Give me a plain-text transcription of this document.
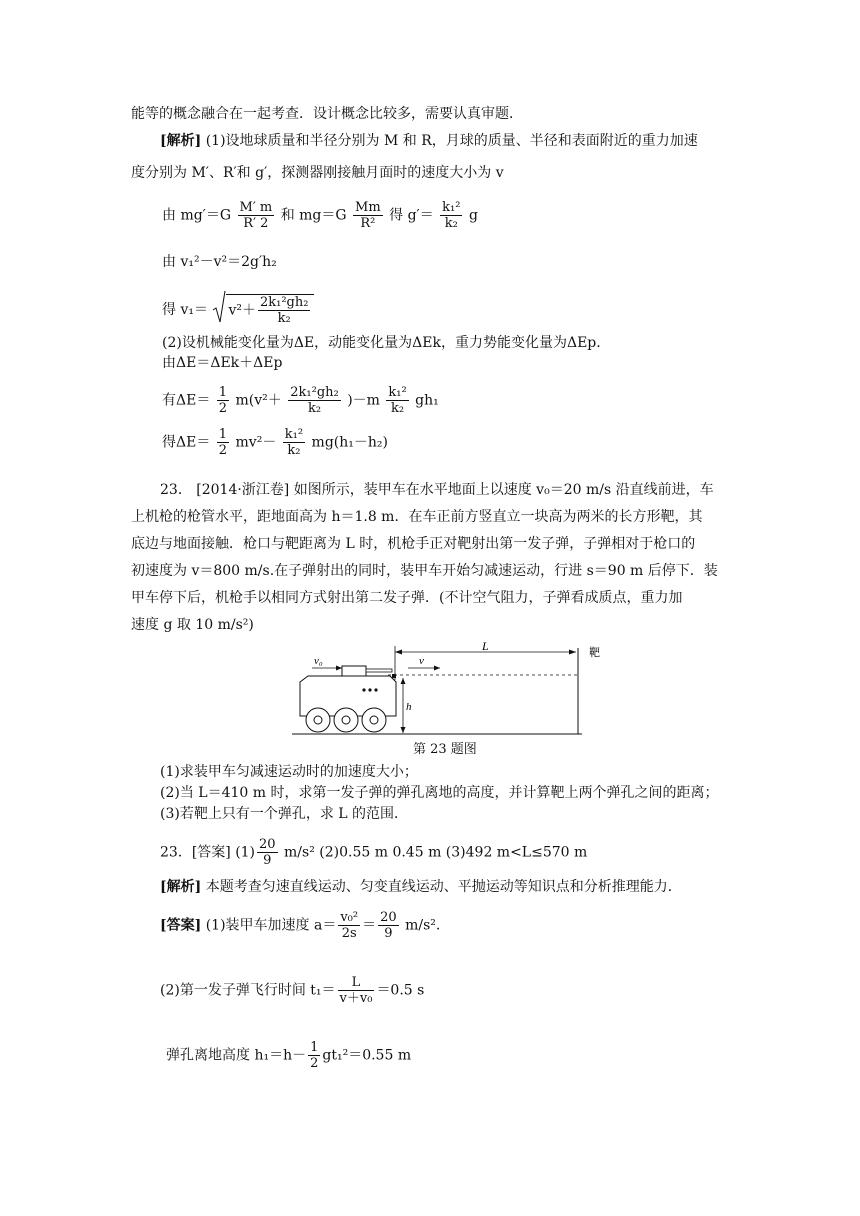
能等的概念融合在一起考查．设计概念比较多，需要认真审题．
[解析] (1)设地球质量和半径分别为 M 和 R，月球的质量、半径和表面附近的重力加速
度分别为 M′、R′和 g′，探测器刚接触月面时的速度大小为 v
由 $mg'=G \frac{M' m}{R' 2}$ 和 $mg=G \frac{Mm}{\text{R²}}$ 得 $g'= \frac{\text{k₁²}}{\text{k₂}}$ g
由 v₁²－v²＝2g′h₂
得 $v_1= v^2+ \frac{\text{2k₁²gh₂}}{\text{k₂}}$
(2)设机械能变化量为ΔE，动能变化量为ΔEk，重力势能变化量为ΔEp.
由ΔE＝ΔEk＋ΔEp
有$\Delta E= \frac{1}{2} m(v^2+ \frac{\text{2k₁²gh₂}}{\text{k₂}} )-m \frac{\text{k₁²}}{\text{k₂}} gh_1$
得$\Delta E= \frac{1}{2} mv^2- \frac{\text{k₁²}}{\text{k₂}} mg(h_1-h_2)$
23． [2014·浙江卷] 如图所示，装甲车在水平地面上以速度 v₀＝20 m/s 沿直线前进，车
上机枪的枪管水平，距地面高为 h＝1.8 m．在车正前方竖直立一块高为两米的长方形靶，其
底边与地面接触．枪口与靶距离为 L 时，机枪手正对靶射出第一发子弹，子弹相对于枪口的
初速度为 v＝800 m/s.在子弹射出的同时，装甲车开始匀减速运动，行进 s＝90 m 后停下．装
甲车停下后，机枪手以相同方式射出第二发子弹．(不计空气阻力，子弹看成质点，重力加
速度 g 取 10 m/s²)
L
v
v₀
h
靶
第 23 题图
(1)求装甲车匀减速运动时的加速度大小；
(2)当 L＝410 m 时，求第一发子弹的弹孔离地的高度，并计算靶上两个弹孔之间的距离；
(3)若靶上只有一个弹孔，求 L 的范围．
23．[答案] $(1) \frac{20}{9} m/s^2$ (2)0.55 m 0.45 m (3)492 m<L≤570 m
[解析] 本题考查匀速直线运动、匀变直线运动、平抛运动等知识点和分析推理能力．
[答案] (1)装甲车加速度 $a= \frac{\text{v₀²}}{2s} = \frac{20}{9} m/s^2$.
(2)第一发子弹飞行时间 $t_1= \frac{L}{\text{v＋v₀}} =0.5$ s
弹孔离地高度 $h_1=h- \frac{1}{2} gt_1^2=0.55$ m
